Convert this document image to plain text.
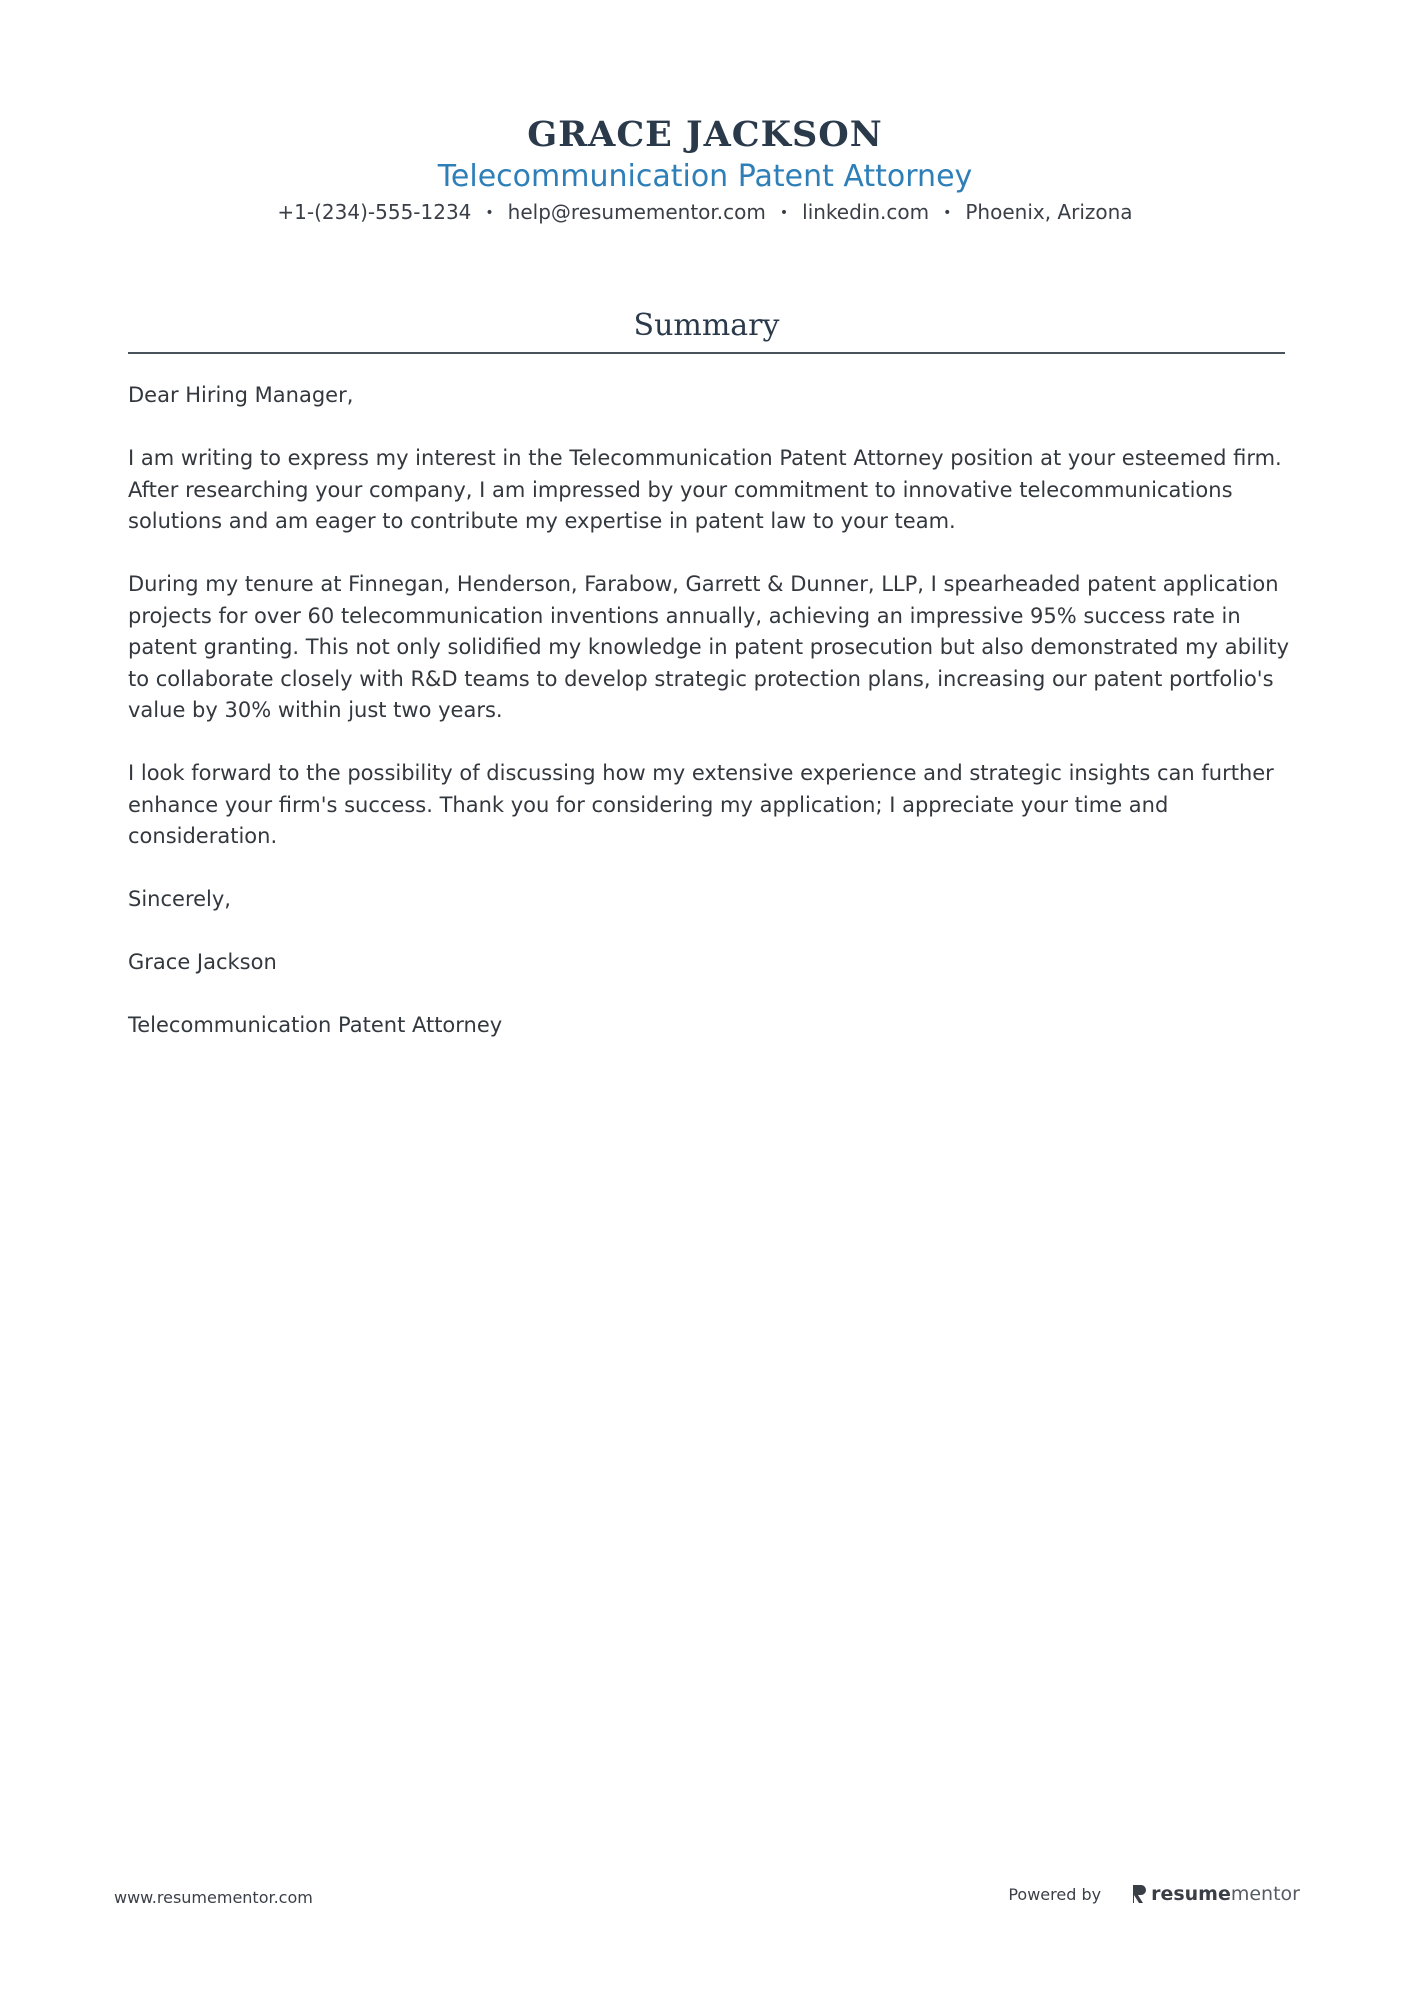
GRACE JACKSON
Telecommunication Patent Attorney
+1-(234)-555-1234 • help@resumementor.com • linkedin.com • Phoenix, Arizona
Summary

Dear Hiring Manager,

I am writing to express my interest in the Telecommunication Patent Attorney position at your esteemed firm. After researching your company, I am impressed by your commitment to innovative telecommunications solutions and am eager to contribute my expertise in patent law to your team.

During my tenure at Finnegan, Henderson, Farabow, Garrett & Dunner, LLP, I spearheaded patent application projects for over 60 telecommunication inventions annually, achieving an impressive 95% success rate in patent granting. This not only solidified my knowledge in patent prosecution but also demonstrated my ability to collaborate closely with R&D teams to develop strategic protection plans, increasing our patent portfolio's value by 30% within just two years.

I look forward to the possibility of discussing how my extensive experience and strategic insights can further enhance your firm's success. Thank you for considering my application; I appreciate your time and consideration.

Sincerely,

Grace Jackson

Telecommunication Patent Attorney

www.resumementor.com	Powered by	resume mentor
